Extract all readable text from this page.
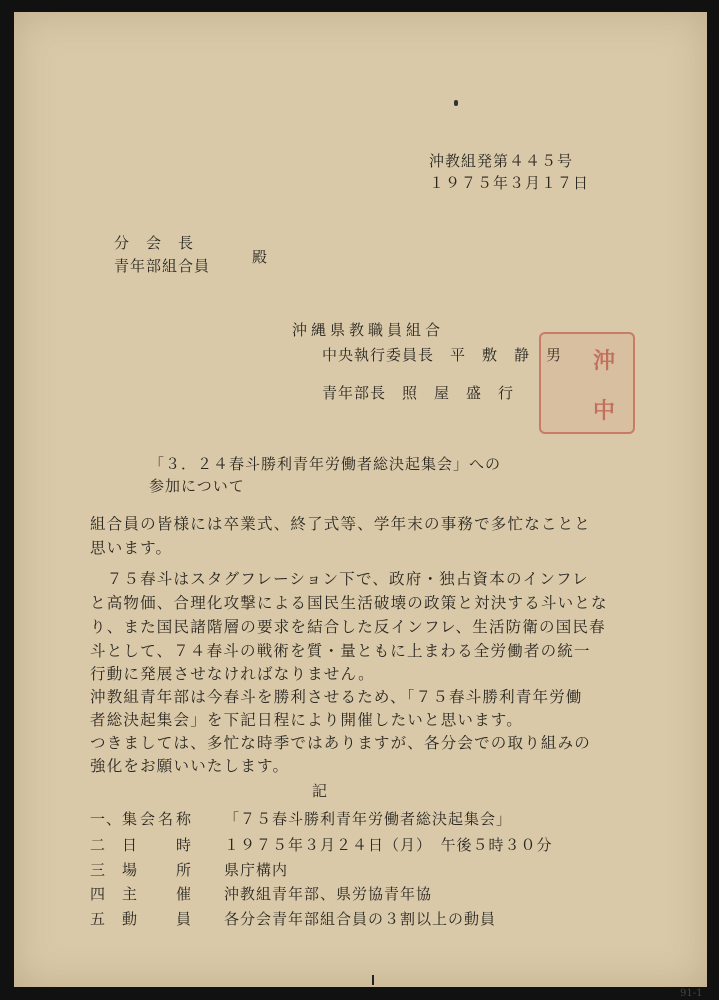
沖教組発第４４５号
１９７５年３月１７日
分　会　長
青年部組合員	殿
沖縄県教職員組合
中央執行委員長　平　敷　静　男
青年部長　照　屋　盛　行
沖
中
「３．２４春斗勝利青年労働者総決起集会」への
参加について
組合員の皆様には卒業式、終了式等、学年末の事務で多忙なことと
思います。
　７５春斗はスタグフレーション下で、政府・独占資本のインフレ
と高物価、合理化攻撃による国民生活破壊の政策と対決する斗いとな
り、また国民諸階層の要求を結合した反インフレ、生活防衛の国民春
斗として、７４春斗の戦術を質・量ともに上まわる全労働者の統一
行動に発展させなければなりません。
沖教組青年部は今春斗を勝利させるため、「７５春斗勝利青年労働
者総決起集会」を下記日程により開催したいと思います。
つきましては、多忙な時季ではありますが、各分会での取り組みの
強化をお願いいたします。
記
一、 集会名称 「７５春斗勝利青年労働者総決起集会」
二 日　　時 １９７５年３月２４日（月）　午後５時３０分
三 場　　所 県庁構内
四 主　　催 沖教組青年部、県労協青年協
五 動　　員 各分会青年部組合員の３割以上の動員
91-1
